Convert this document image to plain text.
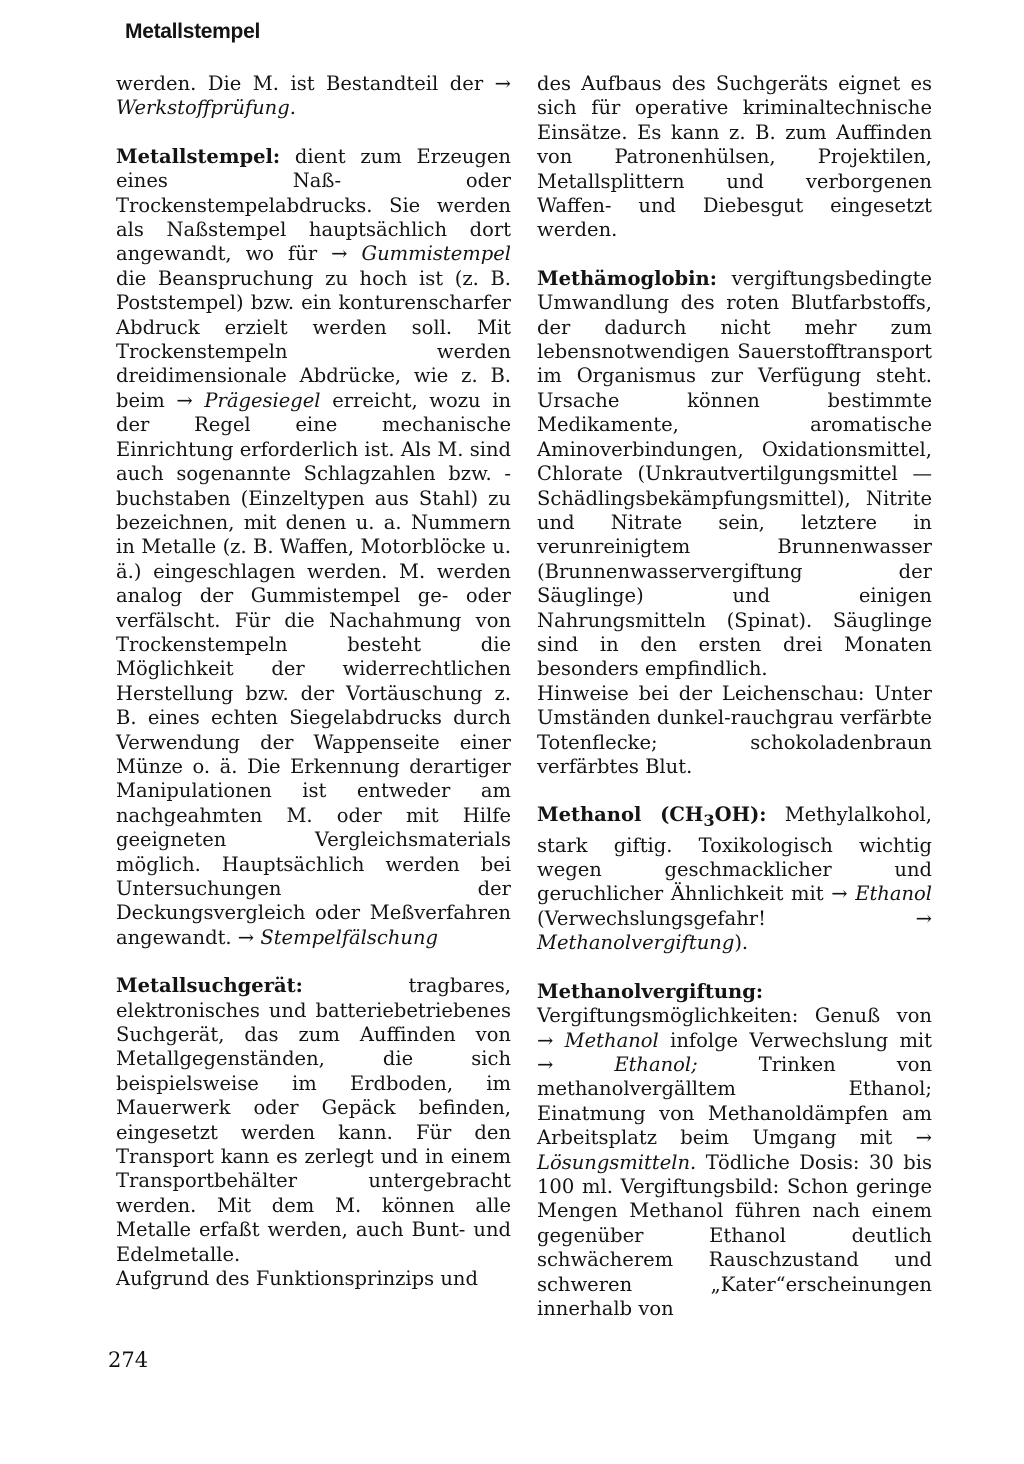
Metallstempel

werden. Die M. ist Bestandteil der → Werkstoffprüfung.

Metallstempel: dient zum Erzeugen eines Naß- oder Trockenstempelabdrucks. Sie werden als Naßstempel hauptsächlich dort angewandt, wo für → Gummistempel die Beanspruchung zu hoch ist (z. B. Poststempel) bzw. ein konturenscharfer Abdruck erzielt werden soll. Mit Trockenstempeln werden dreidimensionale Abdrücke, wie z. B. beim → Prägesiegel erreicht, wozu in der Regel eine mechanische Einrichtung erforderlich ist. Als M. sind auch sogenannte Schlagzahlen bzw. -buchstaben (Einzeltypen aus Stahl) zu bezeichnen, mit denen u. a. Nummern in Metalle (z. B. Waffen, Motorblöcke u. ä.) eingeschlagen werden. M. werden analog der Gummistempel ge- oder verfälscht. Für die Nachahmung von Trockenstempeln besteht die Möglichkeit der widerrechtlichen Herstellung bzw. der Vortäuschung z. B. eines echten Siegelabdrucks durch Verwendung der Wappenseite einer Münze o. ä. Die Erkennung derartiger Manipulationen ist entweder am nachgeahmten M. oder mit Hilfe geeigneten Vergleichsmaterials möglich. Hauptsächlich werden bei Untersuchungen der Deckungsvergleich oder Meßverfahren angewandt. → Stempelfälschung

Metallsuchgerät:	tragbares, elektronisches und batteriebetriebenes Suchgerät, das zum Auffinden von Metallgegenständen, die sich beispielsweise im Erdboden, im Mauerwerk oder Gepäck befinden, eingesetzt werden kann. Für den Transport kann es zerlegt und in einem Transportbehälter untergebracht werden. Mit dem M. können alle Metalle erfaßt werden, auch Bunt- und Edelmetalle.

Aufgrund des Funktionsprinzips und

des Aufbaus des Suchgeräts eignet es sich für operative kriminaltechnische Einsätze. Es kann z. B. zum Auffinden von Patronenhülsen, Projektilen, Metallsplittern und verborgenen Waffen- und Diebesgut eingesetzt werden.

Methämoglobin: vergiftungsbedingte Umwandlung des roten Blutfarbstoffs, der dadurch nicht mehr zum lebensnotwendigen Sauerstofftransport im Organismus zur Verfügung steht. Ursache können bestimmte Medikamente, aromatische Aminoverbindungen, Oxidationsmittel, Chlorate (Unkrautvertilgungsmittel — Schädlingsbekämpfungsmittel), Nitrite und Nitrate sein, letztere in verunreinigtem Brunnenwasser (Brunnenwasservergiftung der Säuglinge) und einigen Nahrungsmitteln (Spinat). Säuglinge sind in den ersten drei Monaten besonders empfindlich.

Hinweise bei der Leichenschau: Unter Umständen dunkel-rauchgrau verfärbte Totenflecke; schokoladenbraun verfärbtes Blut.

Methanol $(CH_3OH)$: Methylalkohol, stark giftig. Toxikologisch wichtig wegen geschmacklicher und geruchlicher Ähnlichkeit mit → Ethanol (Verwechslungsgefahr! → Methanolvergiftung).

Methanolvergiftung: Vergiftungsmöglichkeiten: Genuß von → Methanol infolge Verwechslung mit →	Ethanol;	Trinken von methanolvergälltem Ethanol; Einatmung von Methanoldämpfen am Arbeitsplatz beim Umgang mit → Lösungsmitteln. Tödliche Dosis: 30 bis 100 ml. Vergiftungsbild: Schon geringe Mengen Methanol führen nach einem gegenüber Ethanol deutlich schwächerem Rauschzustand und schweren „Kater“erscheinungen innerhalb von

274
